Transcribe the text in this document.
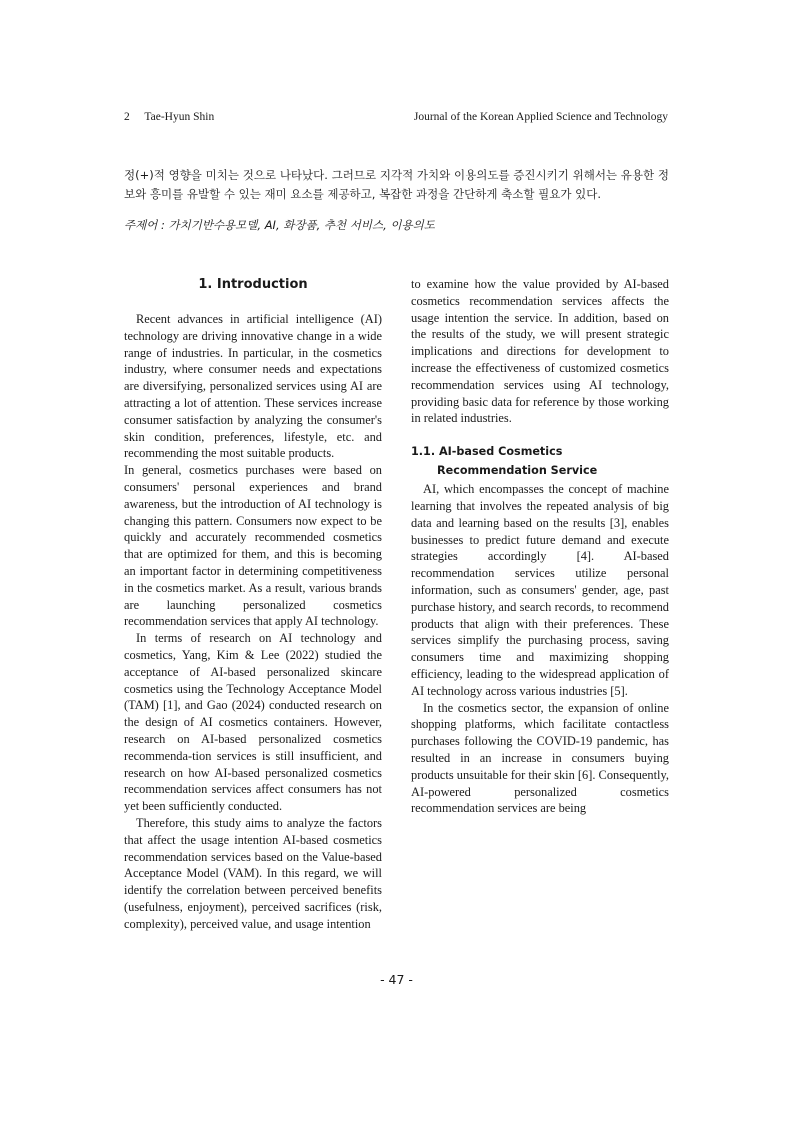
2 Tae-Hyun Shin	Journal of the Korean Applied Science and Technology
정(+)적 영향을 미치는 것으로 나타났다. 그러므로 지각적 가치와 이용의도를 증진시키기 위해서는 유용한 정보와 흥미를 유발할 수 있는 재미 요소를 제공하고, 복잡한 과정을 간단하게 축소할 필요가 있다.
주제어 : 가치기반수용모델, AI, 화장품, 추천 서비스, 이용의도
1. Introduction

Recent advances in artificial intelligence (AI) technology are driving innovative change in a wide range of industries. In particular, in the cosmetics industry, where consumer needs and expectations are diversifying, personalized services using AI are attracting a lot of attention. These services increase consumer satisfaction by analyzing the consumer's skin condition, preferences, lifestyle, etc. and recommending the most suitable products.

In general, cosmetics purchases were based on consumers' personal experiences and brand awareness, but the introduction of AI technology is changing this pattern. Consumers now expect to be quickly and accurately recommended cosmetics that are optimized for them, and this is becoming an important factor in determining competitiveness in the cosmetics market. As a result, various brands are launching personalized cosmetics recommendation services that apply AI technology.

In terms of research on AI technology and cosmetics, Yang, Kim & Lee (2022) studied the acceptance of AI-based personalized skincare cosmetics using the Technology Acceptance Model (TAM) [1], and Gao (2024) conducted research on the design of AI cosmetics containers. However, research on AI-based personalized cosmetics recommenda-tion services is still insufficient, and research on how AI-based personalized cosmetics recommendation services affect consumers has not yet been sufficiently conducted.

Therefore, this study aims to analyze the factors that affect the usage intention AI-based cosmetics recommendation services based on the Value-based Acceptance Model (VAM). In this regard, we will identify the correlation between perceived benefits (usefulness, enjoyment), perceived sacrifices (risk, complexity), perceived value, and usage intention

to examine how the value provided by AI-based cosmetics recommendation services affects the usage intention the service. In addition, based on the results of the study, we will present strategic implications and directions for development to increase the effectiveness of customized cosmetics recommendation services using AI technology, providing basic data for reference by those working in related industries.

1.1. AI-based Cosmetics Recommendation Service

AI, which encompasses the concept of machine learning that involves the repeated analysis of big data and learning based on the results [3], enables businesses to predict future demand and execute strategies accordingly [4]. AI-based recommendation services utilize personal information, such as consumers' gender, age, past purchase history, and search records, to recommend products that align with their preferences. These services simplify the purchasing process, saving consumers time and maximizing shopping efficiency, leading to the widespread application of AI technology across various industries [5].

In the cosmetics sector, the expansion of online shopping platforms, which facilitate contactless purchases following the COVID-19 pandemic, has resulted in an increase in consumers buying products unsuitable for their skin [6]. Consequently, AI-powered personalized cosmetics recommendation services are being

- 47 -
